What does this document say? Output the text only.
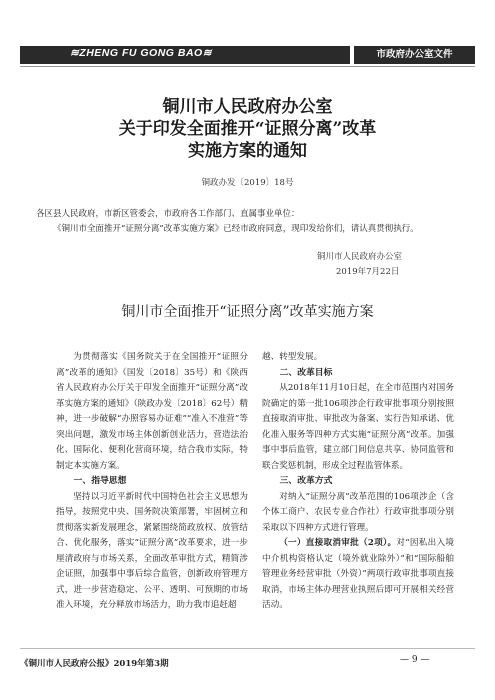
≋ZHENG FU GONG BAO≋	市政府办公室文件
铜川市人民政府办公室
关于印发全面推开“证照分离”改革
实施方案的通知
铜政办发〔2019〕18号
各区县人民政府，市新区管委会，市政府各工作部门、直属事业单位：
《铜川市全面推开“证照分离”改革实施方案》已经市政府同意，现印发给你们，请认真贯彻执行。
铜川市人民政府办公室
2019年7月22日
铜川市全面推开“证照分离”改革实施方案

为贯彻落实《国务院关于在全国推开“证照分离”改革的通知》（国发〔2018〕35号）和《陕西省人民政府办公厅关于印发全面推开“证照分离”改革实施方案的通知》（陕政办发〔2018〕62号）精神，进一步破解“办照容易办证难”“准入不准营”等突出问题，激发市场主体创新创业活力，营造法治化、国际化、便利化营商环境，结合我市实际，特制定本实施方案。

一、指导思想

坚持以习近平新时代中国特色社会主义思想为指导，按照党中央、国务院决策部署，牢固树立和贯彻落实新发展理念，紧紧围绕简政放权、放管结合、优化服务，落实“证照分离”改革要求，进一步厘清政府与市场关系，全面改革审批方式，精简涉企证照，加强事中事后综合监管，创新政府管理方式，进一步营造稳定、公平、透明、可预期的市场准入环境，充分释放市场活力，助力我市追赶超

越、转型发展。

二、改革目标

从2018年11月10日起，在全市范围内对国务院确定的第一批106项涉企行政审批事项分别按照直接取消审批、审批改为备案、实行告知承诺、优化准入服务等四种方式实施“证照分离”改革。加强事中事后监管，建立部门间信息共享、协同监管和联合奖惩机制，形成全过程监管体系。

三、改革方式

对纳入“证照分离”改革范围的106项涉企（含个体工商户、农民专业合作社）行政审批事项分别采取以下四种方式进行管理。

（一）直接取消审批（2项）。对“因私出入境中介机构资格认定（境外就业除外）”和“国际船舶管理业务经营审批（外资）”两项行政审批事项直接取消，市场主体办理营业执照后即可开展相关经营活动。

《铜川市人民政府公报》2019年第3期	— 9 —
